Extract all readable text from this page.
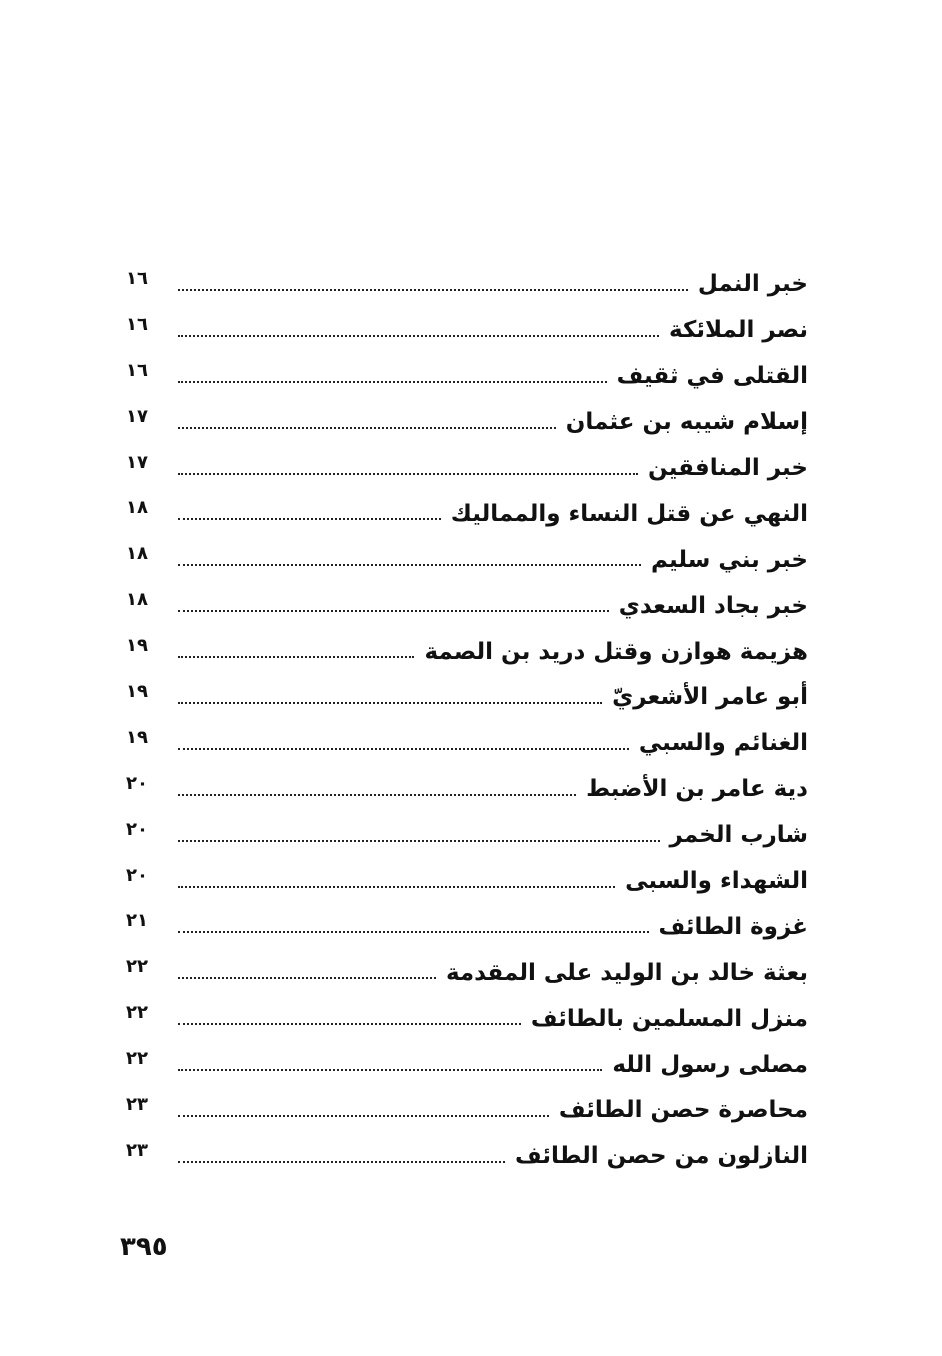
خبر النمل
١٦
نصر الملائكة
١٦
القتلى في ثقيف
١٦
إسلام شيبه بن عثمان
١٧
خبر المنافقين
١٧
النهي عن قتل النساء والمماليك
١٨
خبر بني سليم
١٨
خبر بجاد السعدي
١٨
هزيمة هوازن وقتل دريد بن الصمة
١٩
أبو عامر الأشعريّ
١٩
الغنائم والسبي
١٩
دية عامر بن الأضبط
٢٠
شارب الخمر
٢٠
الشهداء والسبى
٢٠
غزوة الطائف
٢١
بعثة خالد بن الوليد على المقدمة
٢٢
منزل المسلمين بالطائف
٢٢
مصلى رسول الله
٢٢
محاصرة حصن الطائف
٢٣
النازلون من حصن الطائف
٢٣
٣٩٥
